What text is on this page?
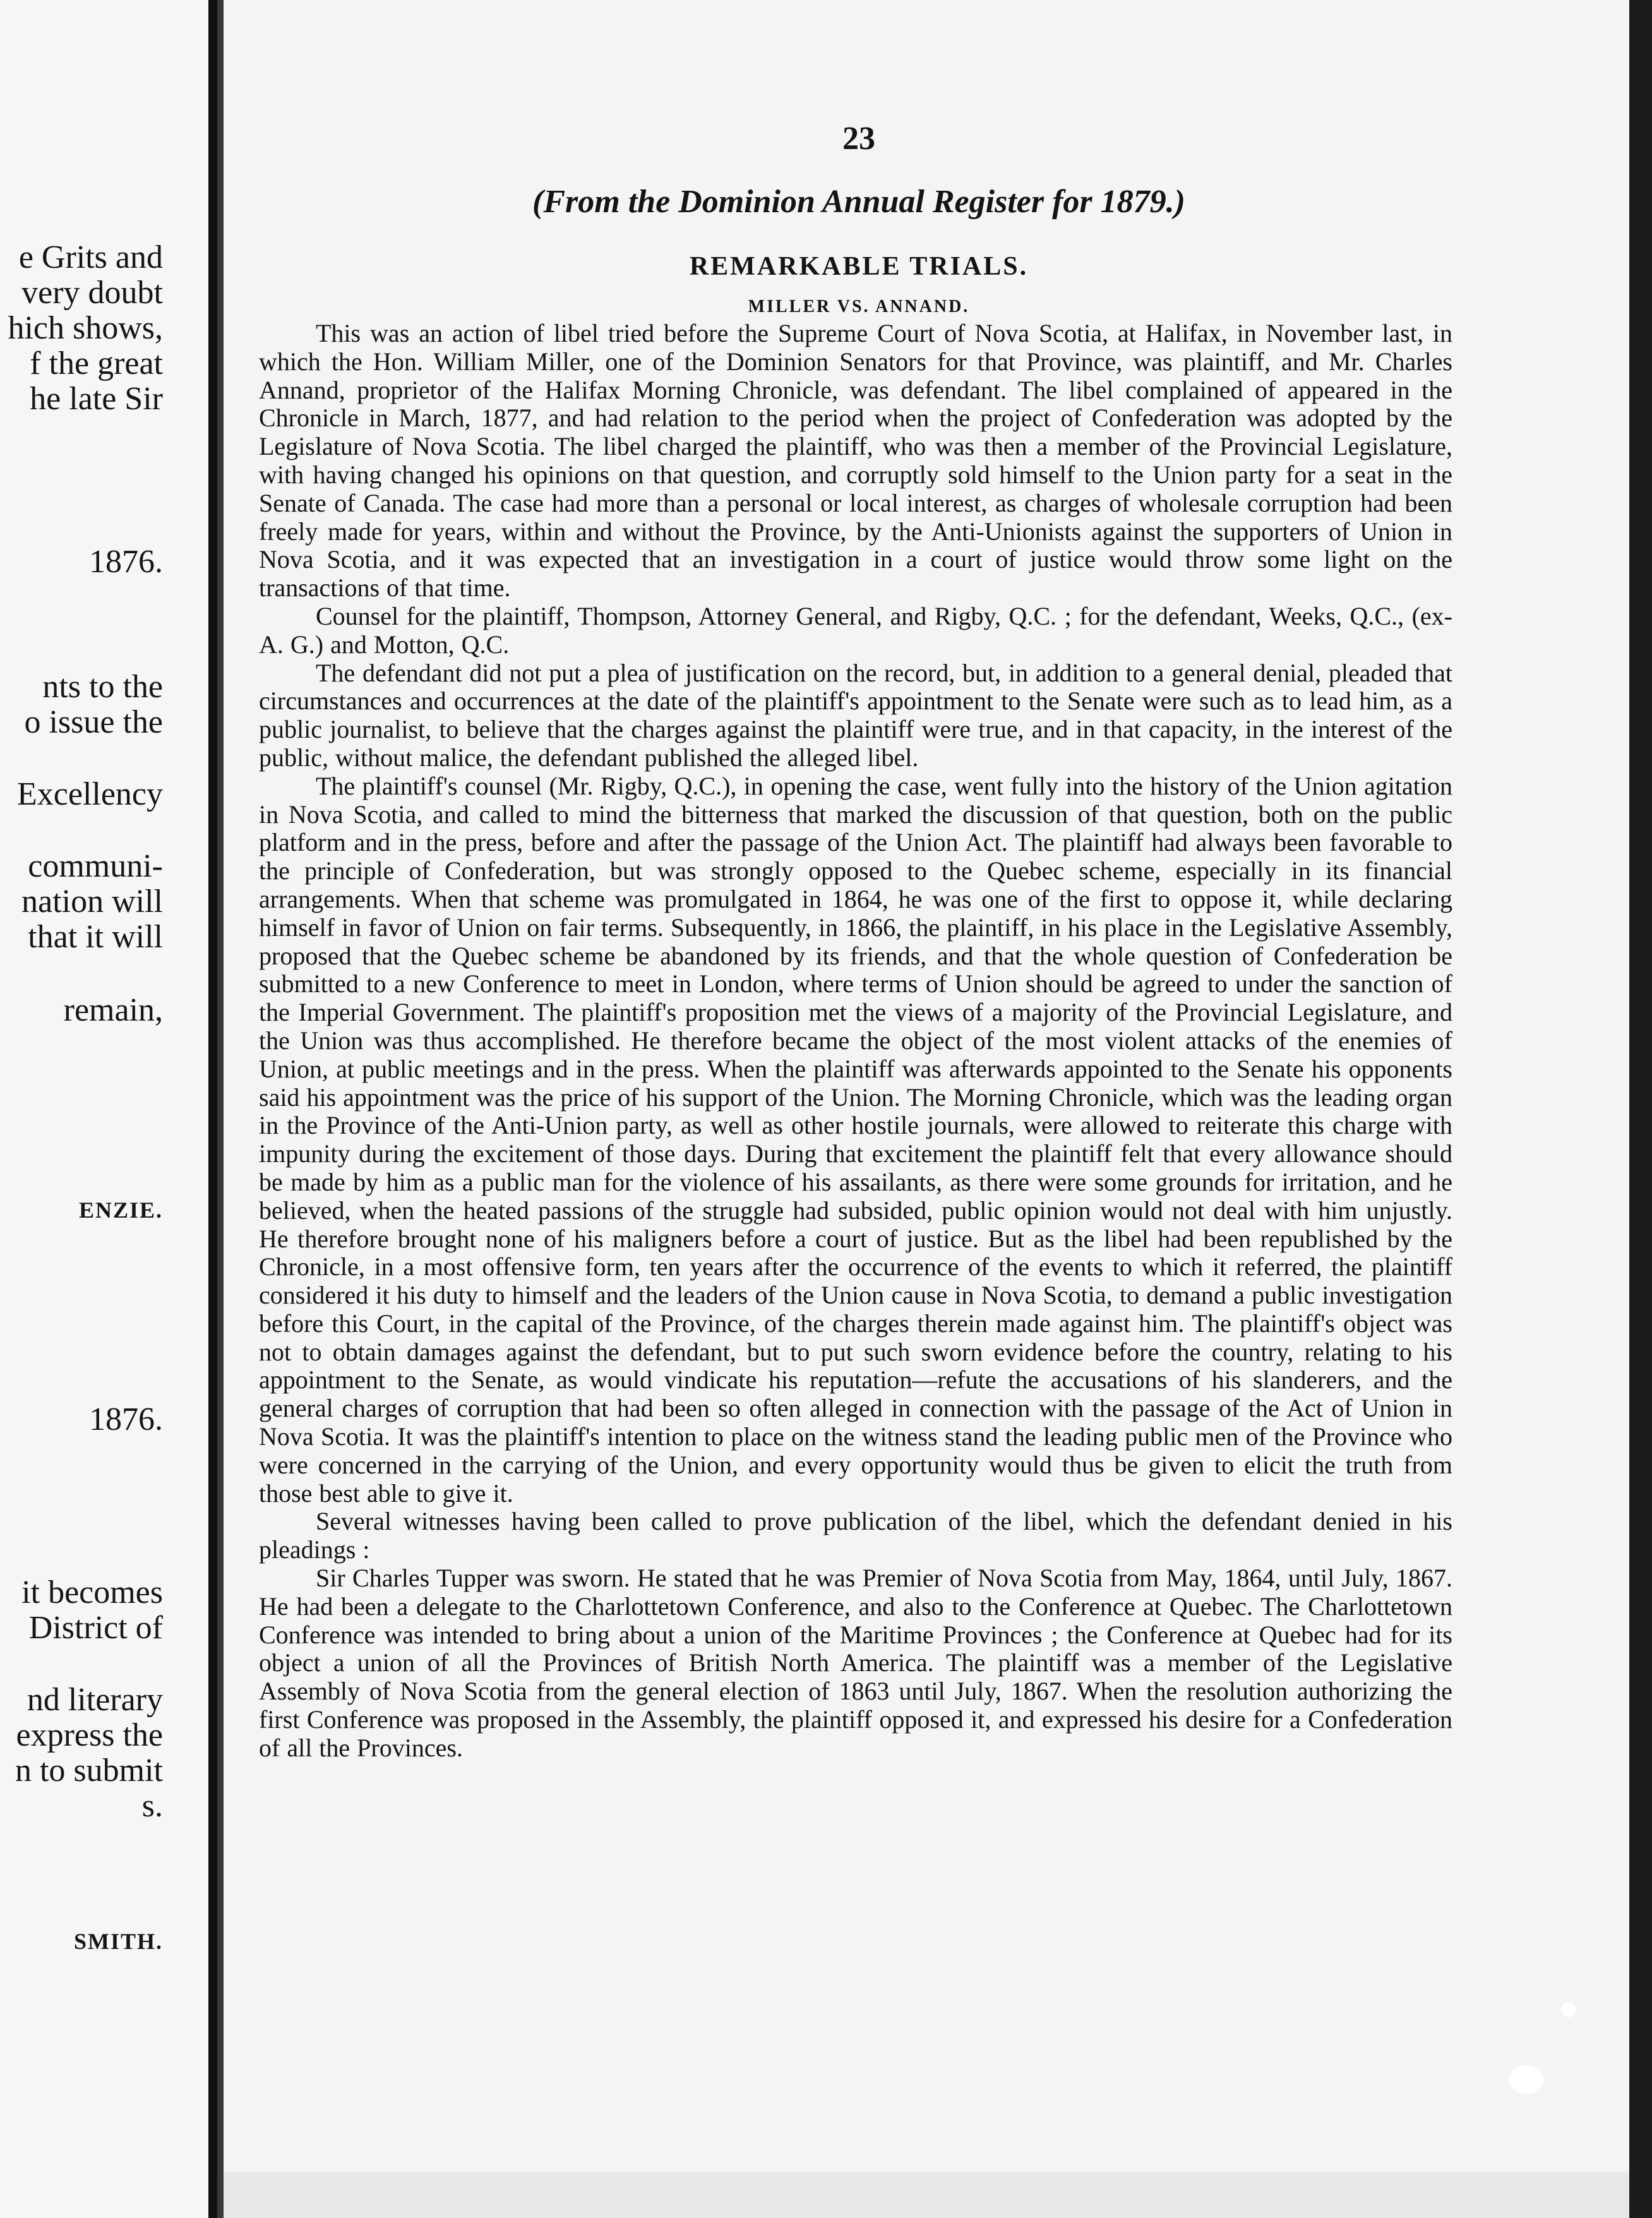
e Grits and
very doubt
hich shows,
f the great
he late Sir
1876.
nts to the
o issue the
Excellency
communi-
nation will
that it will
remain,
ENZIE.
1876.
it becomes
District of
nd literary
express the
n to submit
s.
SMITH.
23
(From the Dominion Annual Register for 1879.)
REMARKABLE TRIALS.
MILLER VS. ANNAND.

This was an action of libel tried before the Supreme Court of Nova Scotia, at Halifax, in November last, in which the Hon. William Miller, one of the Dominion Senators for that Province, was plaintiff, and Mr. Charles Annand, proprietor of the Halifax Morning Chronicle, was defendant. The libel complained of appeared in the Chronicle in March, 1877, and had relation to the period when the project of Confederation was adopted by the Legislature of Nova Scotia. The libel charged the plaintiff, who was then a member of the Provincial Legislature, with having changed his opinions on that question, and corruptly sold himself to the Union party for a seat in the Senate of Canada. The case had more than a personal or local interest, as charges of wholesale corruption had been freely made for years, within and without the Province, by the Anti-Unionists against the supporters of Union in Nova Scotia, and it was expected that an investigation in a court of justice would throw some light on the transactions of that time.

Counsel for the plaintiff, Thompson, Attorney General, and Rigby, Q.C. ; for the defendant, Weeks, Q.C., (ex-A. G.) and Motton, Q.C.

The defendant did not put a plea of justification on the record, but, in addition to a general denial, pleaded that circumstances and occurrences at the date of the plaintiff's appointment to the Senate were such as to lead him, as a public journalist, to believe that the charges against the plaintiff were true, and in that capacity, in the interest of the public, without malice, the defendant published the alleged libel.

The plaintiff's counsel (Mr. Rigby, Q.C.), in opening the case, went fully into the history of the Union agitation in Nova Scotia, and called to mind the bitterness that marked the discussion of that question, both on the public platform and in the press, before and after the passage of the Union Act. The plaintiff had always been favorable to the principle of Confederation, but was strongly opposed to the Quebec scheme, especially in its financial arrangements. When that scheme was promulgated in 1864, he was one of the first to oppose it, while declaring himself in favor of Union on fair terms. Subsequently, in 1866, the plaintiff, in his place in the Legislative Assembly, proposed that the Quebec scheme be abandoned by its friends, and that the whole question of Confederation be submitted to a new Conference to meet in London, where terms of Union should be agreed to under the sanction of the Imperial Government. The plaintiff's proposition met the views of a majority of the Provincial Legislature, and the Union was thus accomplished. He therefore became the object of the most violent attacks of the enemies of Union, at public meetings and in the press. When the plaintiff was afterwards appointed to the Senate his opponents said his appointment was the price of his support of the Union. The Morning Chronicle, which was the leading organ in the Province of the Anti-Union party, as well as other hostile journals, were allowed to reiterate this charge with impunity during the excitement of those days. During that excitement the plaintiff felt that every allowance should be made by him as a public man for the violence of his assailants, as there were some grounds for irritation, and he believed, when the heated passions of the struggle had subsided, public opinion would not deal with him unjustly. He therefore brought none of his maligners before a court of justice. But as the libel had been republished by the Chronicle, in a most offensive form, ten years after the occurrence of the events to which it referred, the plaintiff considered it his duty to himself and the leaders of the Union cause in Nova Scotia, to demand a public investigation before this Court, in the capital of the Province, of the charges therein made against him. The plaintiff's object was not to obtain damages against the defendant, but to put such sworn evidence before the country, relating to his appointment to the Senate, as would vindicate his reputation—refute the accusations of his slanderers, and the general charges of corruption that had been so often alleged in connection with the passage of the Act of Union in Nova Scotia. It was the plaintiff's intention to place on the witness stand the leading public men of the Province who were concerned in the carrying of the Union, and every opportunity would thus be given to elicit the truth from those best able to give it.

Several witnesses having been called to prove publication of the libel, which the defendant denied in his pleadings :

Sir Charles Tupper was sworn. He stated that he was Premier of Nova Scotia from May, 1864, until July, 1867. He had been a delegate to the Charlottetown Conference, and also to the Conference at Quebec. The Charlottetown Conference was intended to bring about a union of the Maritime Provinces ; the Conference at Quebec had for its object a union of all the Provinces of British North America. The plaintiff was a member of the Legislative Assembly of Nova Scotia from the general election of 1863 until July, 1867. When the resolution authorizing the first Conference was proposed in the Assembly, the plaintiff opposed it, and expressed his desire for a Confederation of all the Provinces.
